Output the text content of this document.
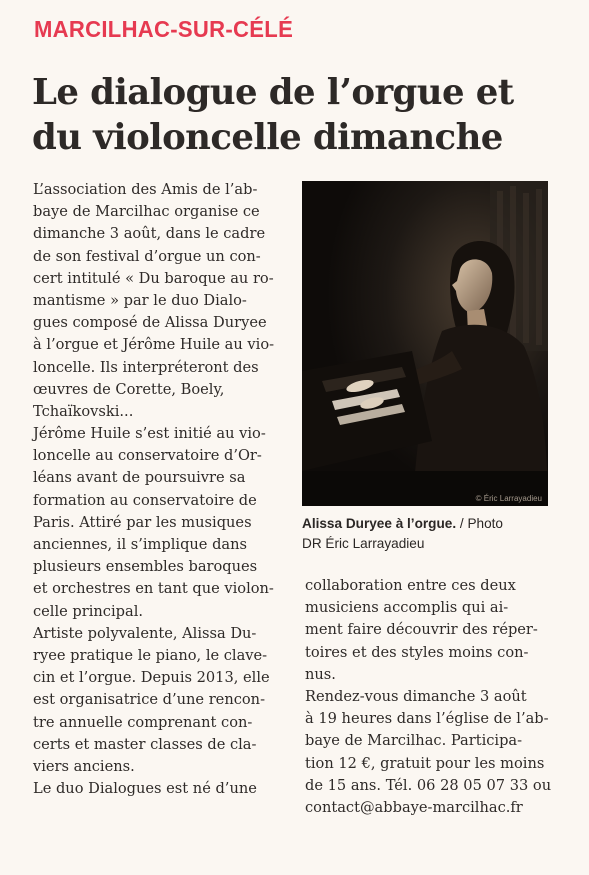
MARCILHAC-SUR-CÉLÉ
Le dialogue de l’orgue et
du violoncelle dimanche
L’association des Amis de l’ab-
baye de Marcilhac organise ce
dimanche 3 août, dans le cadre
de son festival d’orgue un con-
cert intitulé « Du baroque au ro-
mantisme » par le duo Dialo-
gues composé de Alissa Duryee
à l’orgue et Jérôme Huile au vio-
loncelle. Ils interpréteront des
œuvres de Corette, Boely,
Tchaïkovski...
Jérôme Huile s’est initié au vio-
loncelle au conservatoire d’Or-
léans avant de poursuivre sa
formation au conservatoire de
Paris. Attiré par les musiques
anciennes, il s’implique dans
plusieurs ensembles baroques
et orchestres en tant que violon-
celle principal.
Artiste polyvalente, Alissa Du-
ryee pratique le piano, le clave-
cin et l’orgue. Depuis 2013, elle
est organisatrice d’une rencon-
tre annuelle comprenant con-
certs et master classes de cla-
viers anciens.
Le duo Dialogues est né d’une
© Éric Larrayadieu
Alissa Duryee à l’orgue. / Photo
DR Éric Larrayadieu
collaboration entre ces deux
musiciens accomplis qui ai-
ment faire découvrir des réper-
toires et des styles moins con-
nus.
Rendez-vous dimanche 3 août
à 19 heures dans l’église de l’ab-
baye de Marcilhac. Participa-
tion 12 €, gratuit pour les moins
de 15 ans. Tél. 06 28 05 07 33 ou
contact@abbaye-marcilhac.fr
